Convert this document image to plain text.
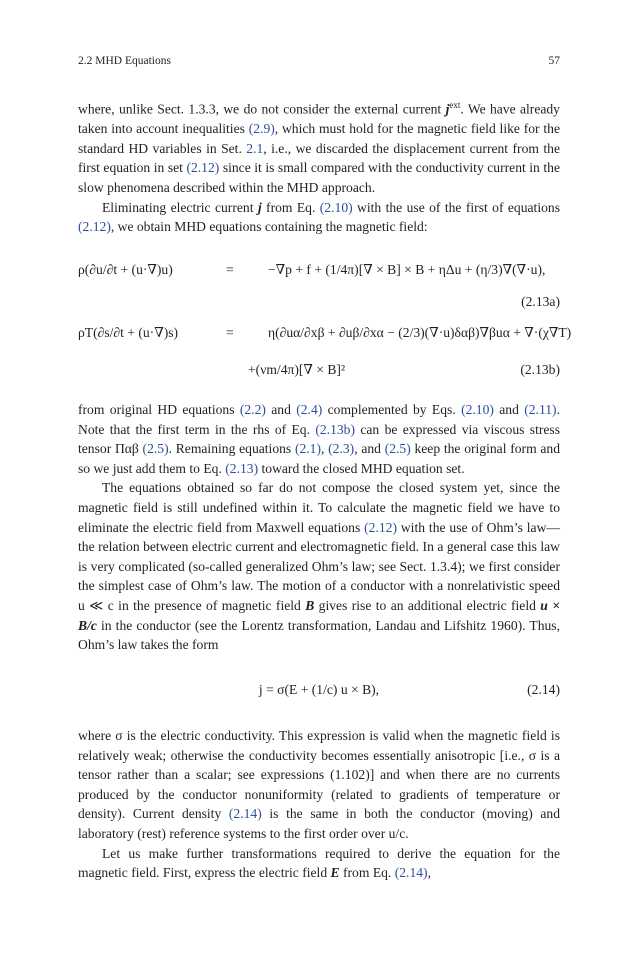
2.2 MHD Equations	57

where, unlike Sect. 1.3.3, we do not consider the external current $j^{ext}$. We have already taken into account inequalities (2.9), which must hold for the magnetic field like for the standard HD variables in Set. 2.1, i.e., we discarded the displacement current from the first equation in set (2.12) since it is small compared with the conductivity current in the slow phenomena described within the MHD approach.

Eliminating electric current j from Eq. (2.10) with the use of the first of equations (2.12), we obtain MHD equations containing the magnetic field:

ρ(∂u/∂t + (u·∇)u)	=	−∇p + f + (1/4π)[∇ × B] × B + ηΔu + (η/3)∇(∇·u),
(2.13a)
ρT(∂s/∂t + (u·∇)s)	=	η(∂uα/∂xβ + ∂uβ/∂xα − (2/3)(∇·u)δαβ)∇βuα + ∇·(χ∇T)
+(νm/4π)[∇ × B]²	(2.13b)

from original HD equations (2.2) and (2.4) complemented by Eqs. (2.10) and (2.11). Note that the first term in the rhs of Eq. (2.13b) can be expressed via viscous stress tensor Παβ (2.5). Remaining equations (2.1), (2.3), and (2.5) keep the original form and so we just add them to Eq. (2.13) toward the closed MHD equation set.

The equations obtained so far do not compose the closed system yet, since the magnetic field is still undefined within it. To calculate the magnetic field we have to eliminate the electric field from Maxwell equations (2.12) with the use of Ohm’s law—the relation between electric current and electromagnetic field. In a general case this law is very complicated (so-called generalized Ohm’s law; see Sect. 1.3.4); we first consider the simplest case of Ohm’s law. The motion of a conductor with a nonrelativistic speed u ≪ c in the presence of magnetic field B gives rise to an additional electric field u × B/c in the conductor (see the Lorentz transformation, Landau and Lifshitz 1960). Thus, Ohm’s law takes the form

j = σ(E + (1/c) u × B),	(2.14)

where σ is the electric conductivity. This expression is valid when the magnetic field is relatively weak; otherwise the conductivity becomes essentially anisotropic [i.e., σ is a tensor rather than a scalar; see expressions (1.102)] and when there are no currents produced by the conductor nonuniformity (related to gradients of temperature or density). Current density (2.14) is the same in both the conductor (moving) and laboratory (rest) reference systems to the first order over u/c.

Let us make further transformations required to derive the equation for the magnetic field. First, express the electric field E from Eq. (2.14),
